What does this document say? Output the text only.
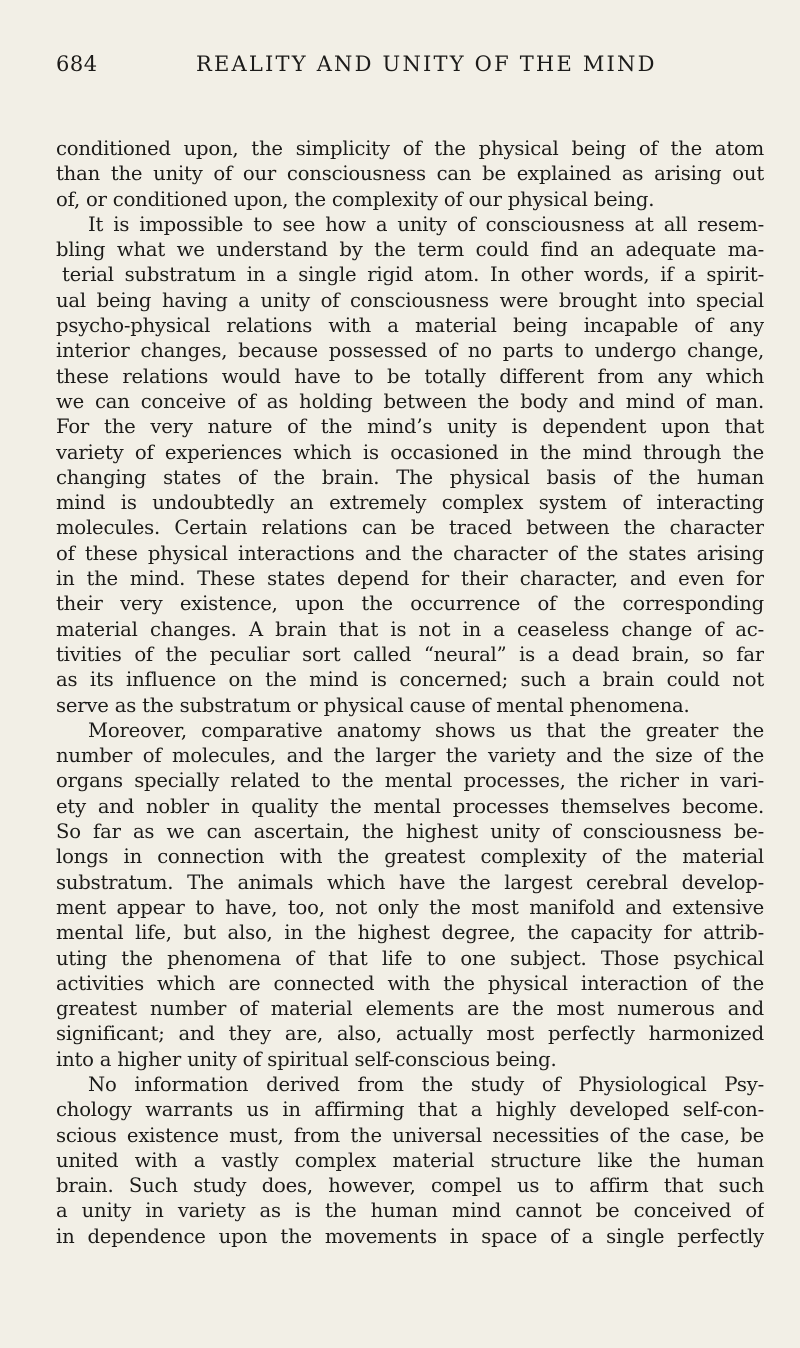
684	REALITY AND UNITY OF THE MIND
conditioned upon, the simplicity of the physical being of the atom
than the unity of our consciousness can be explained as arising out
of, or conditioned upon, the complexity of our physical being.
It is impossible to see how a unity of consciousness at all resem-
bling what we understand by the term could find an adequate ma-
terial substratum in a single rigid atom. In other words, if a spirit-
ual being having a unity of consciousness were brought into special
psycho-physical relations with a material being incapable of any
interior changes, because possessed of no parts to undergo change,
these relations would have to be totally different from any which
we can conceive of as holding between the body and mind of man.
For the very nature of the mind’s unity is dependent upon that
variety of experiences which is occasioned in the mind through the
changing states of the brain. The physical basis of the human
mind is undoubtedly an extremely complex system of interacting
molecules. Certain relations can be traced between the character
of these physical interactions and the character of the states arising
in the mind. These states depend for their character, and even for
their very existence, upon the occurrence of the corresponding
material changes. A brain that is not in a ceaseless change of ac-
tivities of the peculiar sort called “neural” is a dead brain, so far
as its influence on the mind is concerned; such a brain could not
serve as the substratum or physical cause of mental phenomena.
Moreover, comparative anatomy shows us that the greater the
number of molecules, and the larger the variety and the size of the
organs specially related to the mental processes, the richer in vari-
ety and nobler in quality the mental processes themselves become.
So far as we can ascertain, the highest unity of consciousness be-
longs in connection with the greatest complexity of the material
substratum. The animals which have the largest cerebral develop-
ment appear to have, too, not only the most manifold and extensive
mental life, but also, in the highest degree, the capacity for attrib-
uting the phenomena of that life to one subject. Those psychical
activities which are connected with the physical interaction of the
greatest number of material elements are the most numerous and
significant; and they are, also, actually most perfectly harmonized
into a higher unity of spiritual self-conscious being.
No information derived from the study of Physiological Psy-
chology warrants us in affirming that a highly developed self-con-
scious existence must, from the universal necessities of the case, be
united with a vastly complex material structure like the human
brain. Such study does, however, compel us to affirm that such
a unity in variety as is the human mind cannot be conceived of
in dependence upon the movements in space of a single perfectly
